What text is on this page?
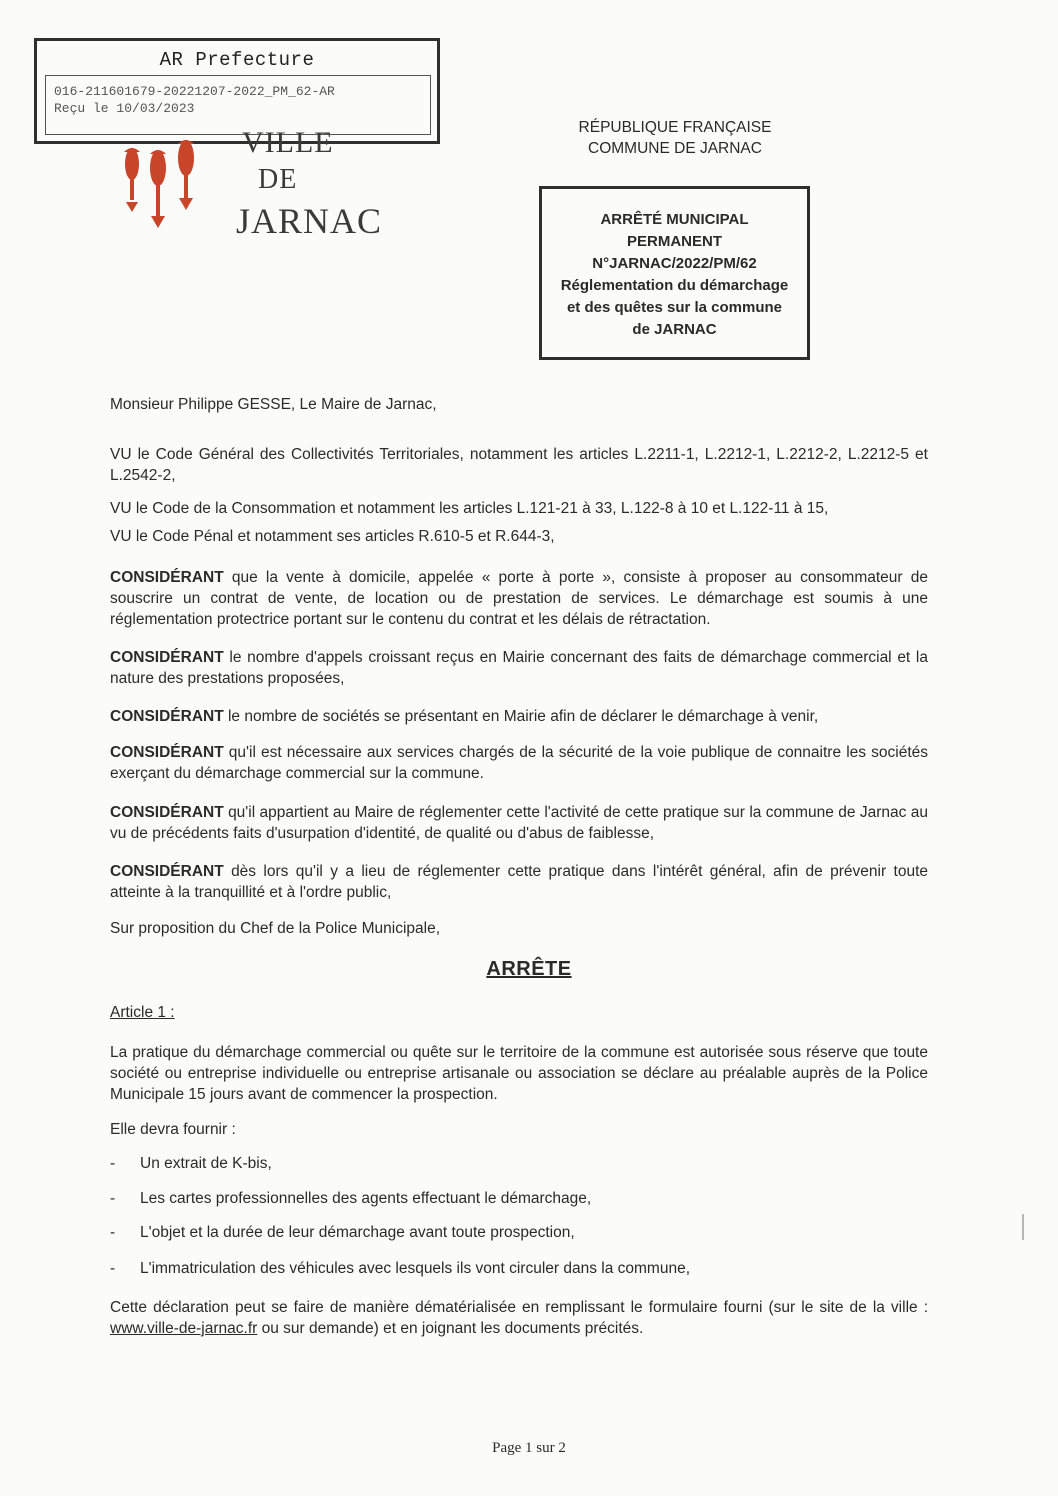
AR Prefecture
016-211601679-20221207-2022_PM_62-AR
Reçu le 10/03/2023
VILLE
DE
JARNAC
RÉPUBLIQUE FRANÇAISE
COMMUNE DE JARNAC
ARRÊTÉ MUNICIPAL
PERMANENT
N°JARNAC/2022/PM/62
Réglementation du démarchage
et des quêtes sur la commune
de JARNAC
Monsieur Philippe GESSE, Le Maire de Jarnac,
VU le Code Général des Collectivités Territoriales, notamment les articles L.2211-1, L.2212-1, L.2212-2, L.2212-5 et L.2542-2,
VU le Code de la Consommation et notamment les articles L.121-21 à 33, L.122-8 à 10 et L.122-11 à 15,
VU le Code Pénal et notamment ses articles R.610-5 et R.644-3,
CONSIDÉRANT que la vente à domicile, appelée « porte à porte », consiste à proposer au consommateur de souscrire un contrat de vente, de location ou de prestation de services. Le démarchage est soumis à une réglementation protectrice portant sur le contenu du contrat et les délais de rétractation.
CONSIDÉRANT le nombre d'appels croissant reçus en Mairie concernant des faits de démarchage commercial et la nature des prestations proposées,
CONSIDÉRANT le nombre de sociétés se présentant en Mairie afin de déclarer le démarchage à venir,
CONSIDÉRANT qu'il est nécessaire aux services chargés de la sécurité de la voie publique de connaitre les sociétés exerçant du démarchage commercial sur la commune.
CONSIDÉRANT qu'il appartient au Maire de réglementer cette l'activité de cette pratique sur la commune de Jarnac au vu de précédents faits d'usurpation d'identité, de qualité ou d'abus de faiblesse,
CONSIDÉRANT dès lors qu'il y a lieu de réglementer cette pratique dans l'intérêt général, afin de prévenir toute atteinte à la tranquillité et à l'ordre public,
Sur proposition du Chef de la Police Municipale,
ARRÊTE
Article 1 :
La pratique du démarchage commercial ou quête sur le territoire de la commune est autorisée sous réserve que toute société ou entreprise individuelle ou entreprise artisanale ou association se déclare au préalable auprès de la Police Municipale 15 jours avant de commencer la prospection.
Elle devra fournir :
- Un extrait de K-bis,
- Les cartes professionnelles des agents effectuant le démarchage,
- L'objet et la durée de leur démarchage avant toute prospection,
- L'immatriculation des véhicules avec lesquels ils vont circuler dans la commune,
Cette déclaration peut se faire de manière dématérialisée en remplissant le formulaire fourni (sur le site de la ville : www.ville-de-jarnac.fr ou sur demande) et en joignant les documents précités.
Page 1 sur 2
